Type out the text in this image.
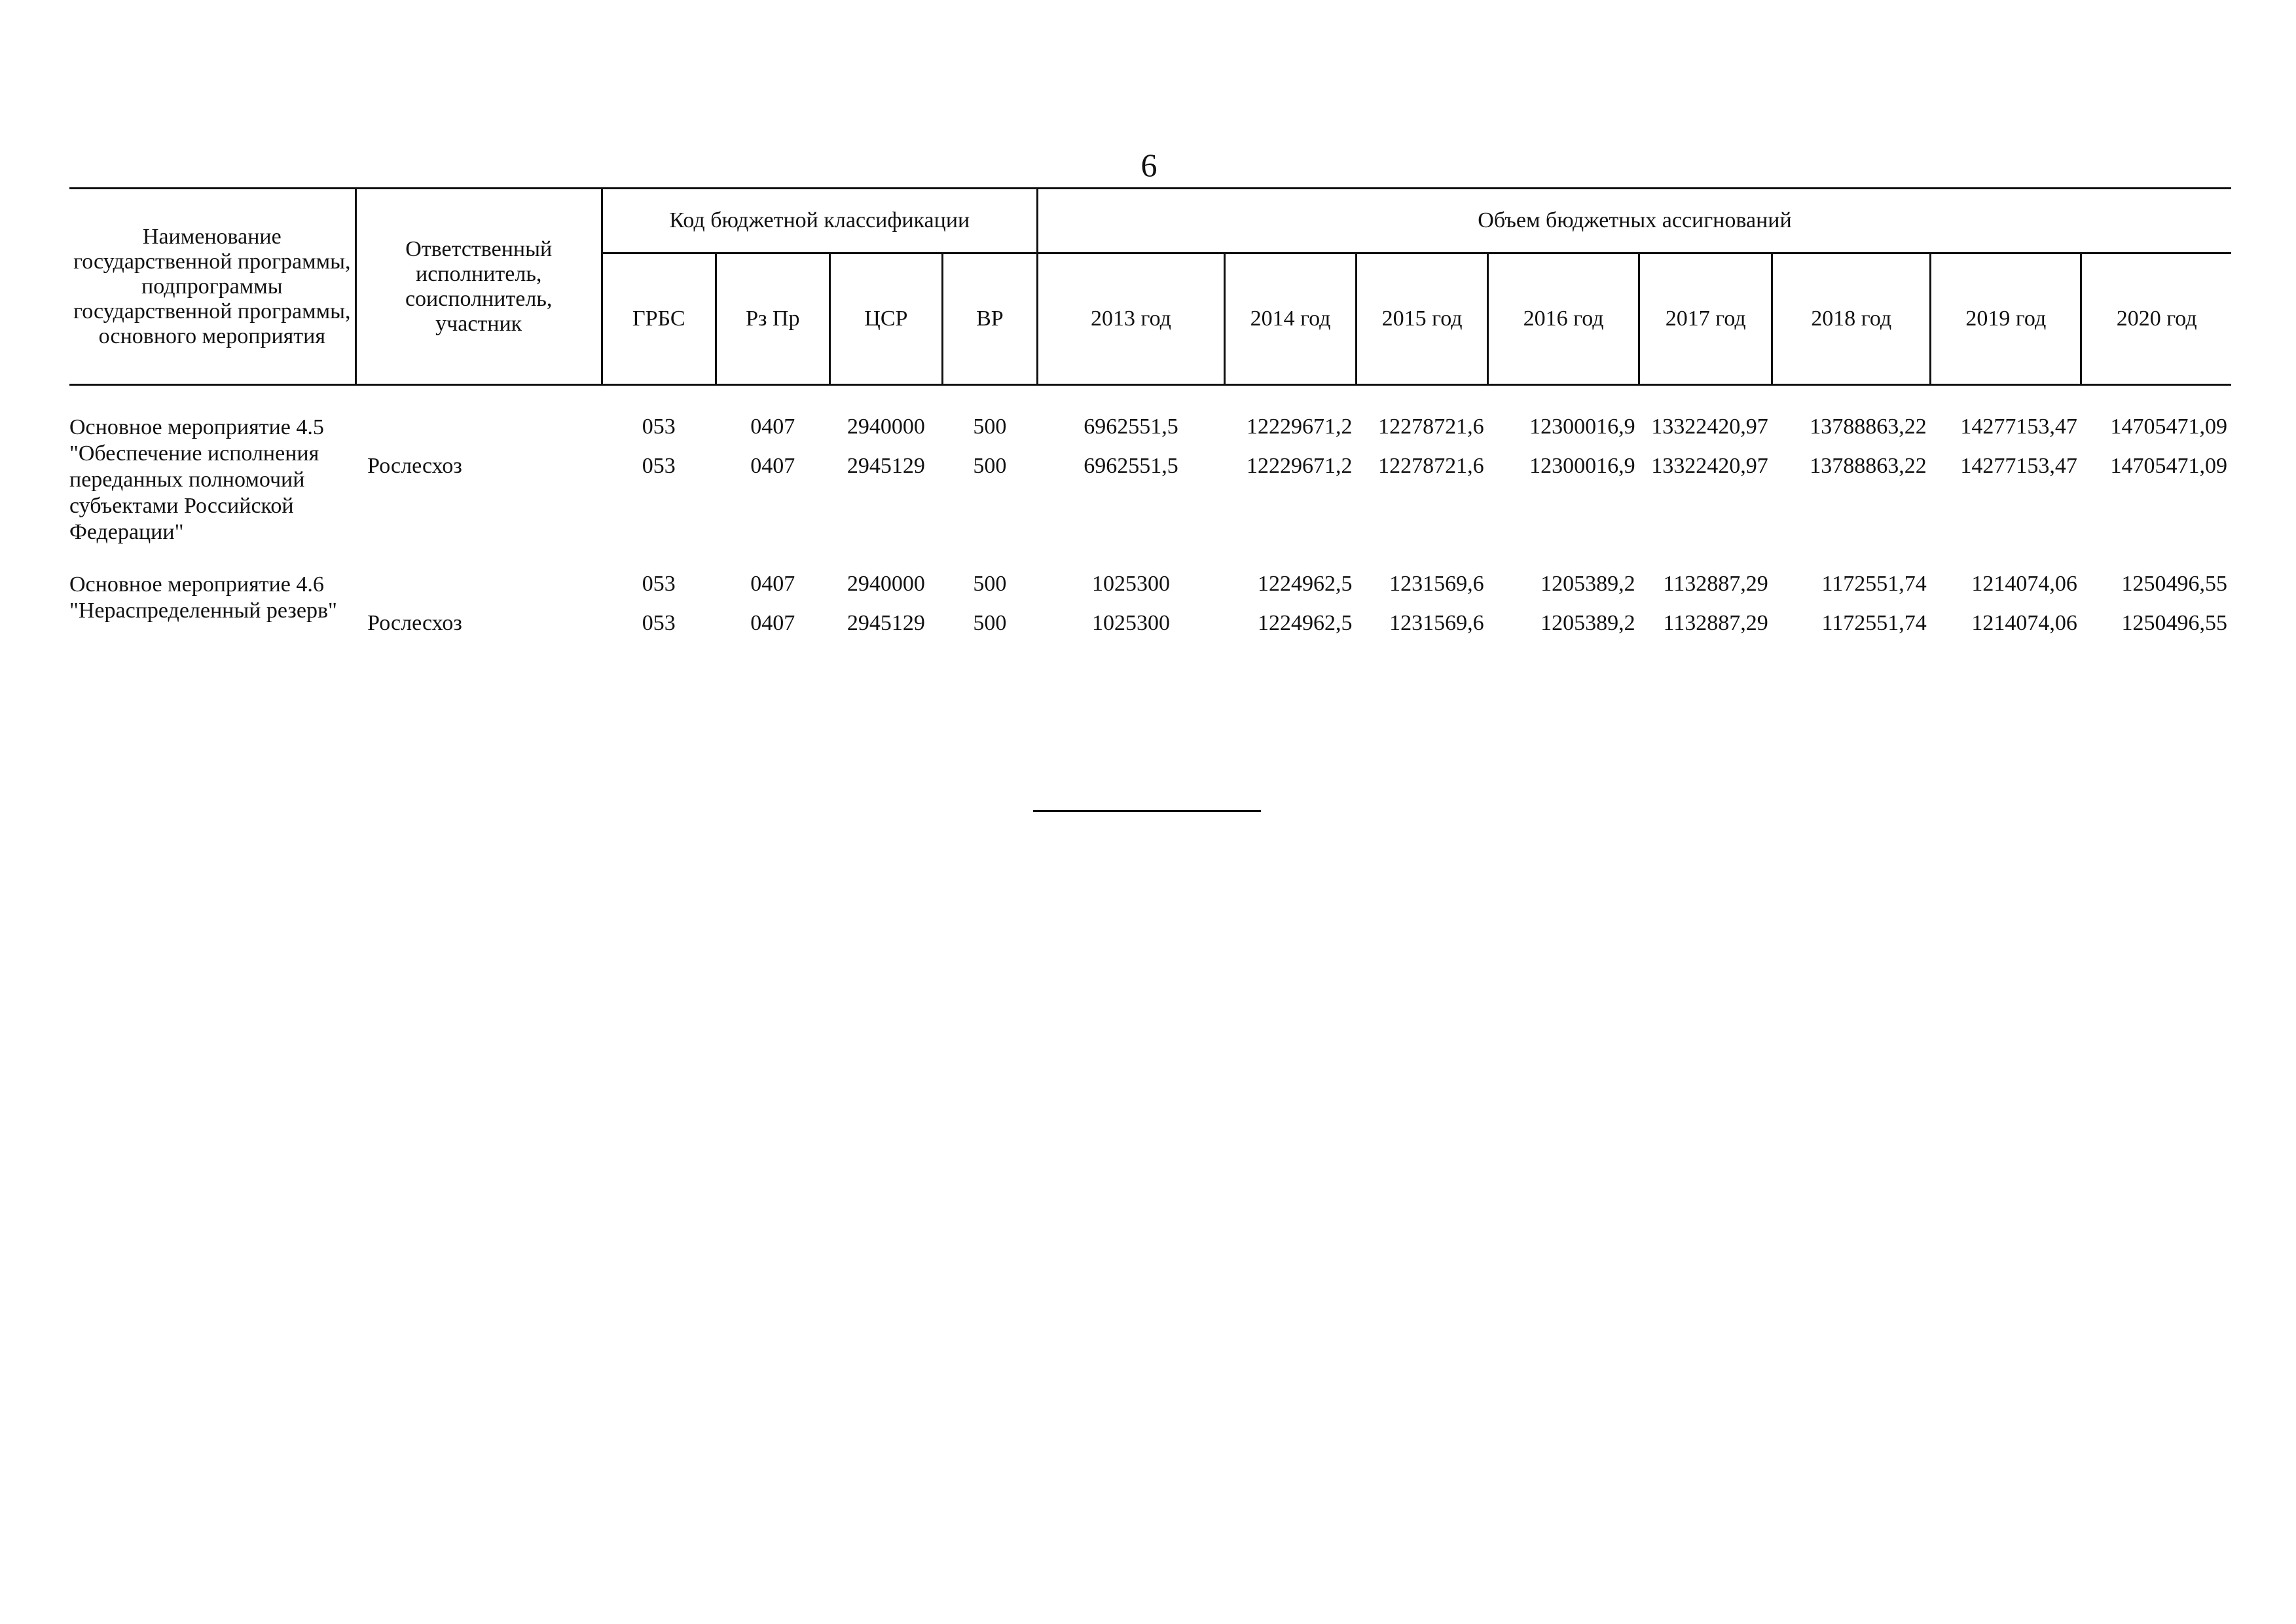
6
Наименование государственной программы, подпрограммы государственной программы, основного мероприятия	Ответственный исполнитель, соисполнитель, участник	Код бюджетной классификации				Объем бюджетных ассигнований							
		ГРБС	Рз Пр	ЦСР	ВР	2013 год	2014 год	2015 год	2016 год	2017 год	2018 год	2019 год	2020 год

Основное мероприятие 4.5 "Обеспечение исполнения переданных полномочий субъектами Российской Федерации"		053	0407	2940000	500	6962551,5	12229671,2	12278721,6	12300016,9	13322420,97	13788863,22	14277153,47	14705471,09
	Рослесхоз	053	0407	2945129	500	6962551,5	12229671,2	12278721,6	12300016,9	13322420,97	13788863,22	14277153,47	14705471,09

Основное мероприятие 4.6 "Нераспределенный резерв"		053	0407	2940000	500	1025300	1224962,5	1231569,6	1205389,2	1132887,29	1172551,74	1214074,06	1250496,55
	Рослесхоз	053	0407	2945129	500	1025300	1224962,5	1231569,6	1205389,2	1132887,29	1172551,74	1214074,06	1250496,55
